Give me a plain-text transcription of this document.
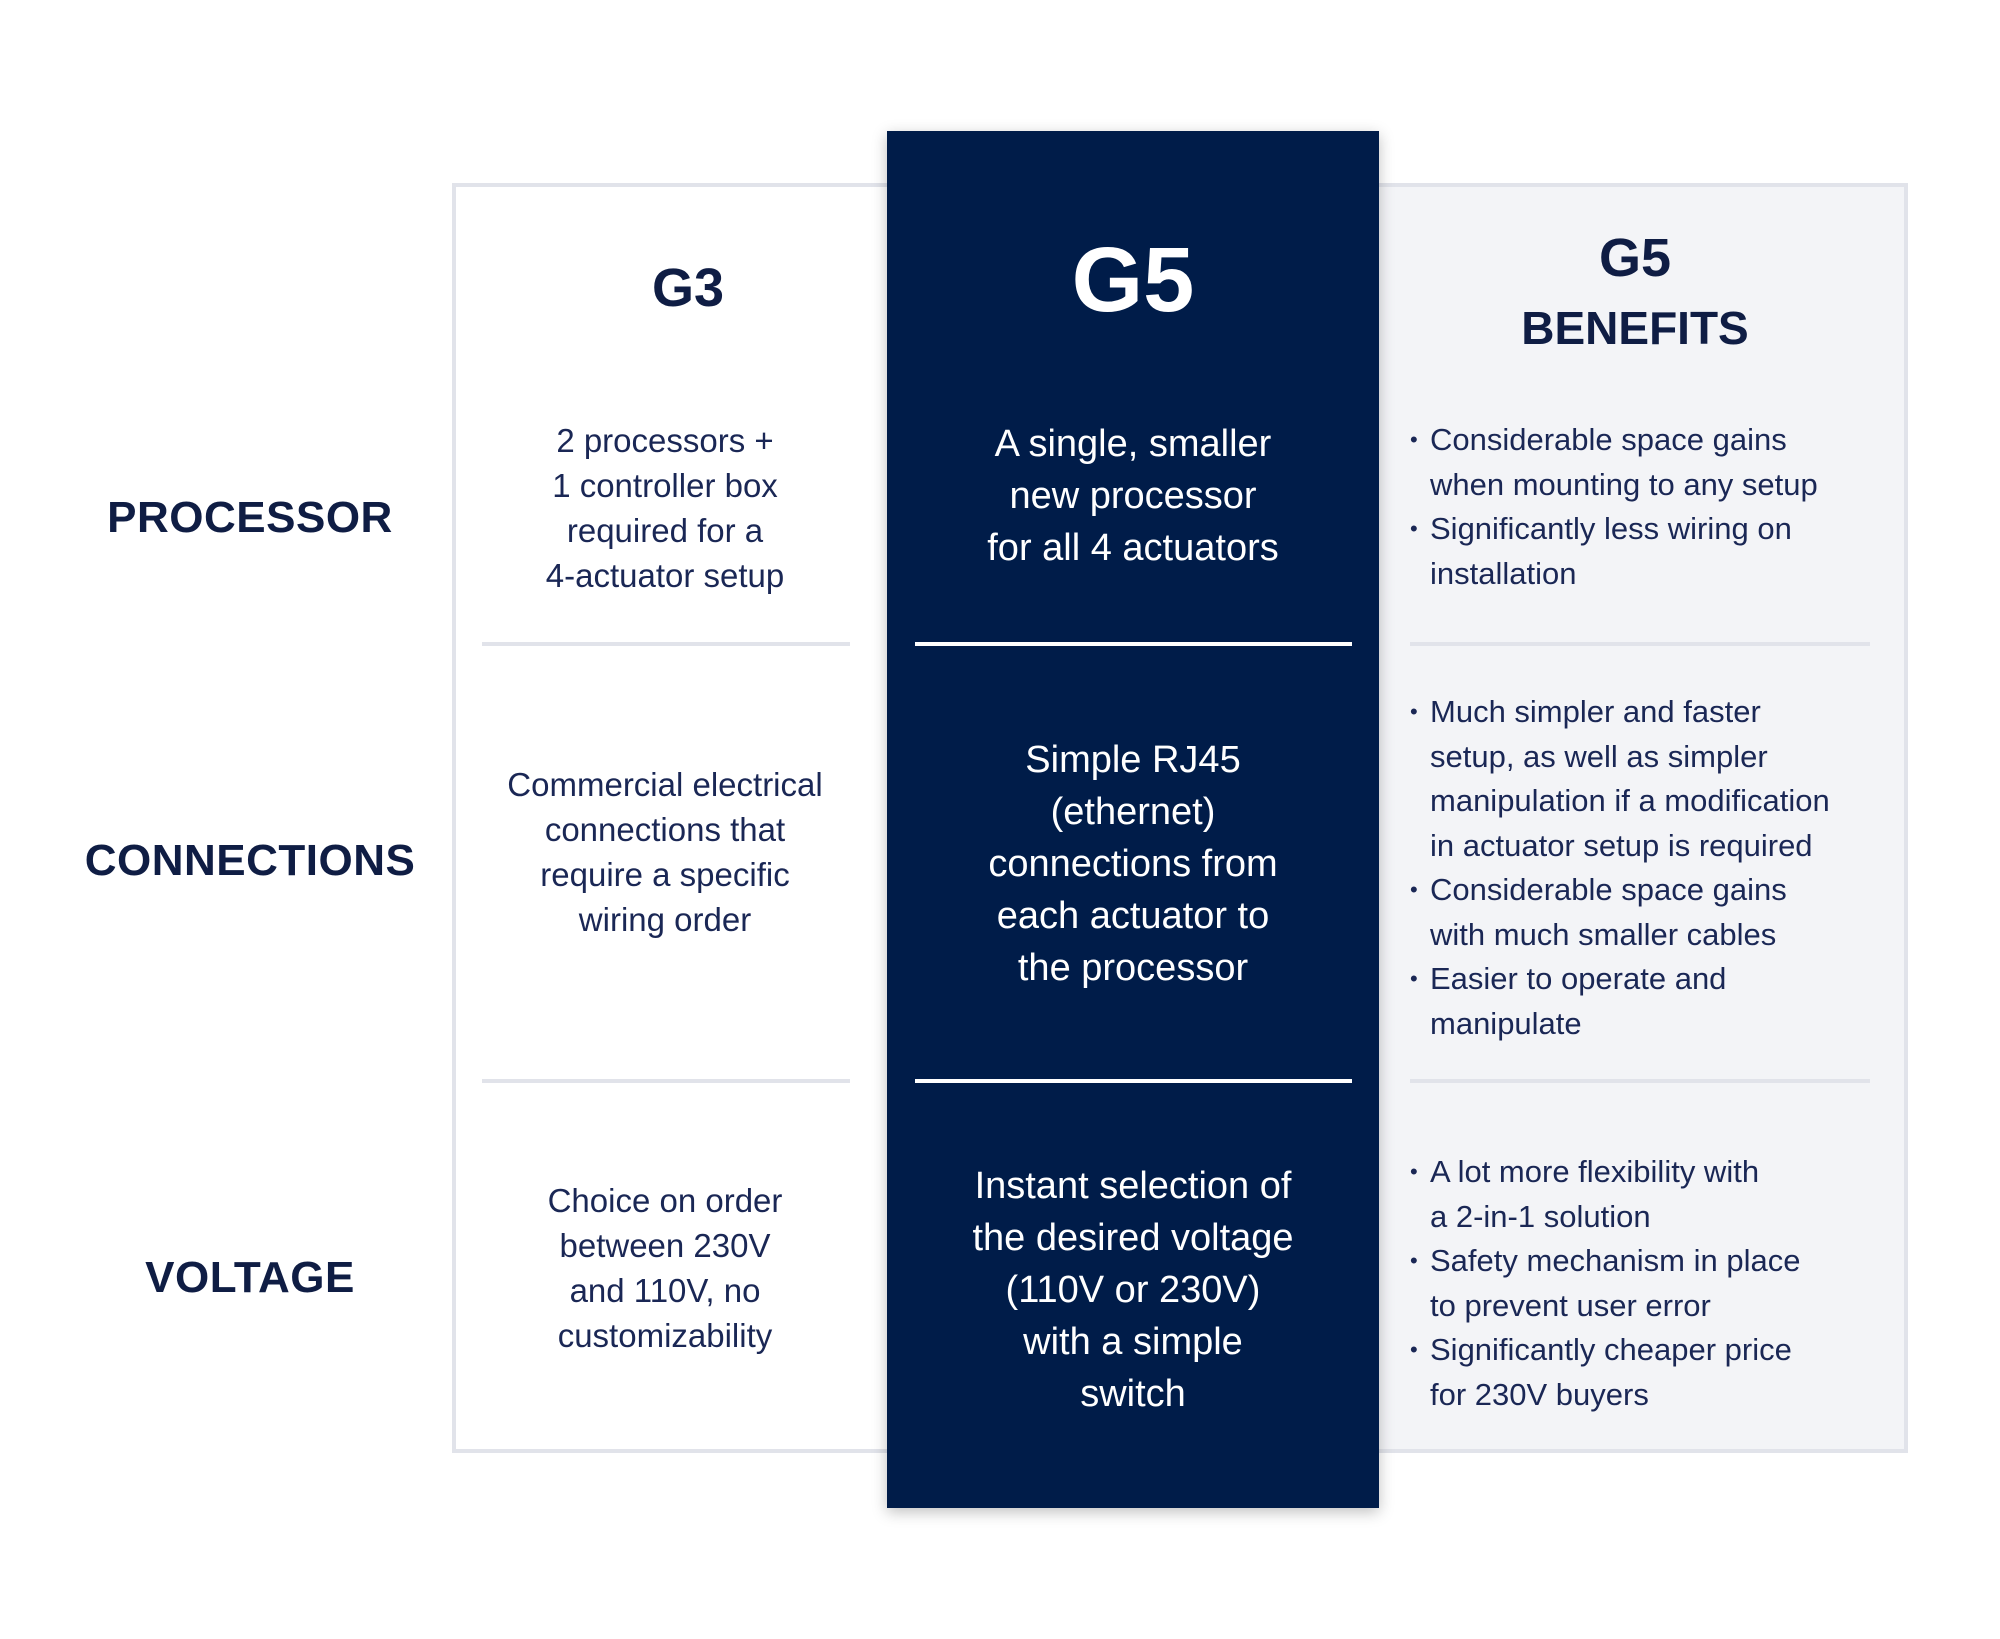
G3	G5	G5
BENEFITS
PROCESSOR
CONNECTIONS
VOLTAGE
2 processors +
1 controller box
required for a
4-actuator setup
Commercial electrical
connections that
require a specific
wiring order
Choice on order
between 230V
and 110V, no
customizability
A single, smaller
new processor
for all 4 actuators
Simple RJ45
(ethernet)
connections from
each actuator to
the processor
Instant selection of
the desired voltage
(110V or 230V)
with a simple
switch
• Considerable space gains
when mounting to any setup
• Significantly less wiring on
installation
• Much simpler and faster
setup, as well as simpler
manipulation if a modification
in actuator setup is required
• Considerable space gains
with much smaller cables
• Easier to operate and
manipulate
• A lot more flexibility with
a 2-in-1 solution
• Safety mechanism in place
to prevent user error
• Significantly cheaper price
for 230V buyers
